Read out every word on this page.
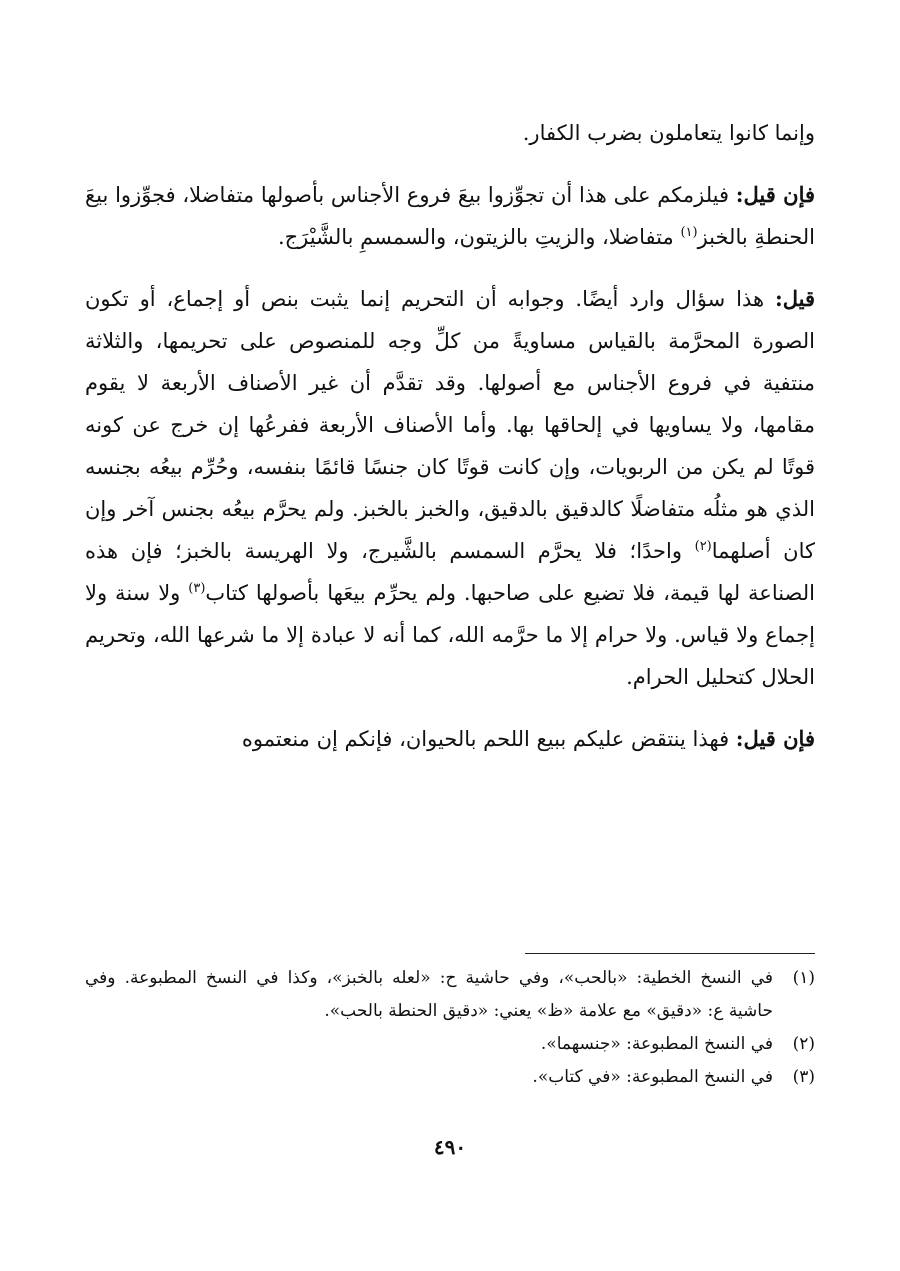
وإنما كانوا يتعاملون بضرب الكفار.

فإن قيل: فيلزمكم على هذا أن تجوِّزوا بيعَ فروع الأجناس بأصولها متفاضلا، فجوِّزوا بيعَ الحنطةِ بالخبز$^{(١)}$ متفاضلا، والزيتِ بالزيتون، والسمسمِ بالشَّيْرَج.

قيل: هذا سؤال وارد أيضًا. وجوابه أن التحريم إنما يثبت بنص أو إجماع، أو تكون الصورة المحرَّمة بالقياس مساويةً من كلِّ وجه للمنصوص على تحريمها، والثلاثة منتفية في فروع الأجناس مع أصولها. وقد تقدَّم أن غير الأصناف الأربعة لا يقوم مقامها، ولا يساويها في إلحاقها بها. وأما الأصناف الأربعة ففرعُها إن خرج عن كونه قوتًا لم يكن من الربويات، وإن كانت قوتًا كان جنسًا قائمًا بنفسه، وحُرِّم بيعُه بجنسه الذي هو مثلُه متفاضلًا كالدقيق بالدقيق، والخبز بالخبز. ولم يحرَّم بيعُه بجنس آخر وإن كان أصلهما$^{(٢)}$ واحدًا؛ فلا يحرَّم السمسم بالشَّيرج، ولا الهريسة بالخبز؛ فإن هذه الصناعة لها قيمة، فلا تضيع على صاحبها. ولم يحرِّم بيعَها بأصولها كتاب$^{(٣)}$ ولا سنة ولا إجماع ولا قياس. ولا حرام إلا ما حرَّمه الله، كما أنه لا عبادة إلا ما شرعها الله، وتحريم الحلال كتحليل الحرام.

فإن قيل: فهذا ينتقض عليكم ببيع اللحم بالحيوان، فإنكم إن منعتموه

(١)
في النسخ الخطية: «بالحب»، وفي حاشية ح: «لعله بالخبز»، وكذا في النسخ المطبوعة. وفي حاشية ع: «دقيق» مع علامة «ظ» يعني: «دقيق الحنطة بالحب».
(٢)
في النسخ المطبوعة: «جنسهما».
(٣)
في النسخ المطبوعة: «في كتاب».
٤٩٠
